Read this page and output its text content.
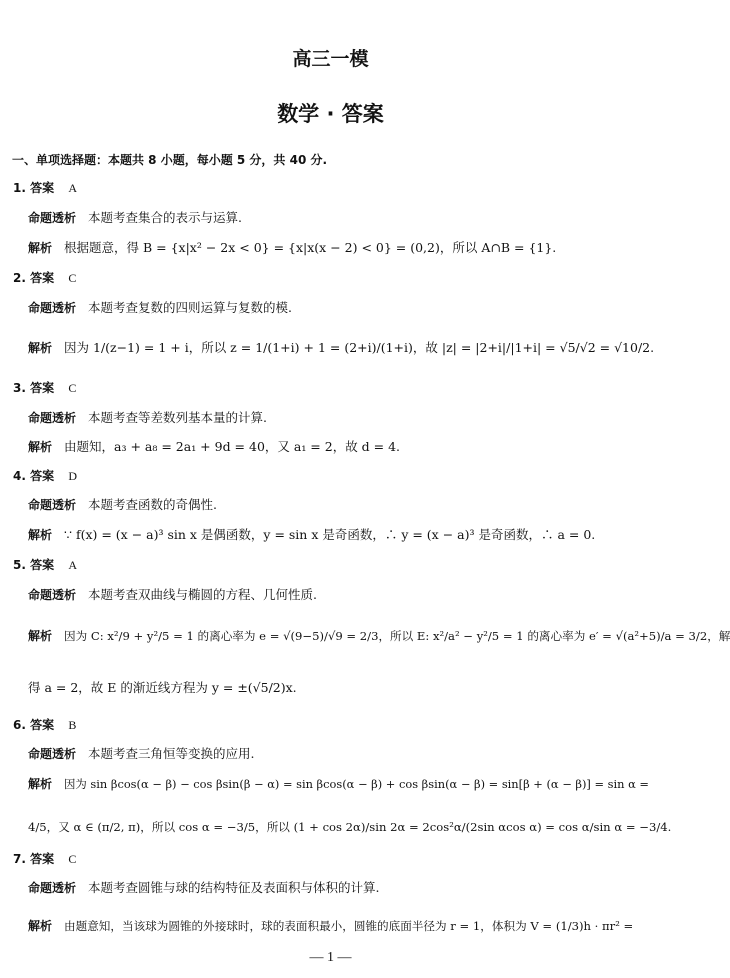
高三一模
数学 · 答案
一、单项选择题：本题共 8 小题，每小题 5 分，共 40 分.
1. 答案 A
命题透析 本题考查集合的表示与运算.
解析 根据题意，得 B = {x|x² − 2x < 0} = {x|x(x − 2) < 0} = (0,2)，所以 A∩B = {1}.
2. 答案 C
命题透析 本题考查复数的四则运算与复数的模.
解析 因为 1/(z−1) = 1 + i，所以 z = 1/(1+i) + 1 = (2+i)/(1+i)，故 |z| = |2+i|/|1+i| = √5/√2 = √10/2.
3. 答案 C
命题透析 本题考查等差数列基本量的计算.
解析 由题知，a₃ + a₈ = 2a₁ + 9d = 40，又 a₁ = 2，故 d = 4.
4. 答案 D
命题透析 本题考查函数的奇偶性.
解析 ∵ f(x) = (x − a)³ sin x 是偶函数，y = sin x 是奇函数，∴ y = (x − a)³ 是奇函数，∴ a = 0.
5. 答案 A
命题透析 本题考查双曲线与椭圆的方程、几何性质.
解析 因为 C: x²/9 + y²/5 = 1 的离心率为 e = √(9−5)/√9 = 2/3，所以 E: x²/a² − y²/5 = 1 的离心率为 e′ = √(a²+5)/a = 3/2，解
得 a = 2，故 E 的渐近线方程为 y = ±(√5/2)x.
6. 答案 B
命题透析 本题考查三角恒等变换的应用.
解析 因为 sin βcos(α − β) − cos βsin(β − α) = sin βcos(α − β) + cos βsin(α − β) = sin[β + (α − β)] = sin α =
4/5，又 α ∈ (π/2, π)，所以 cos α = −3/5，所以 (1 + cos 2α)/sin 2α = 2cos²α/(2sin αcos α) = cos α/sin α = −3/4.
7. 答案 C
命题透析 本题考查圆锥与球的结构特征及表面积与体积的计算.
解析 由题意知，当该球为圆锥的外接球时，球的表面积最小，圆锥的底面半径为 r = 1，体积为 V = (1/3)h · πr² =
— 1 —
